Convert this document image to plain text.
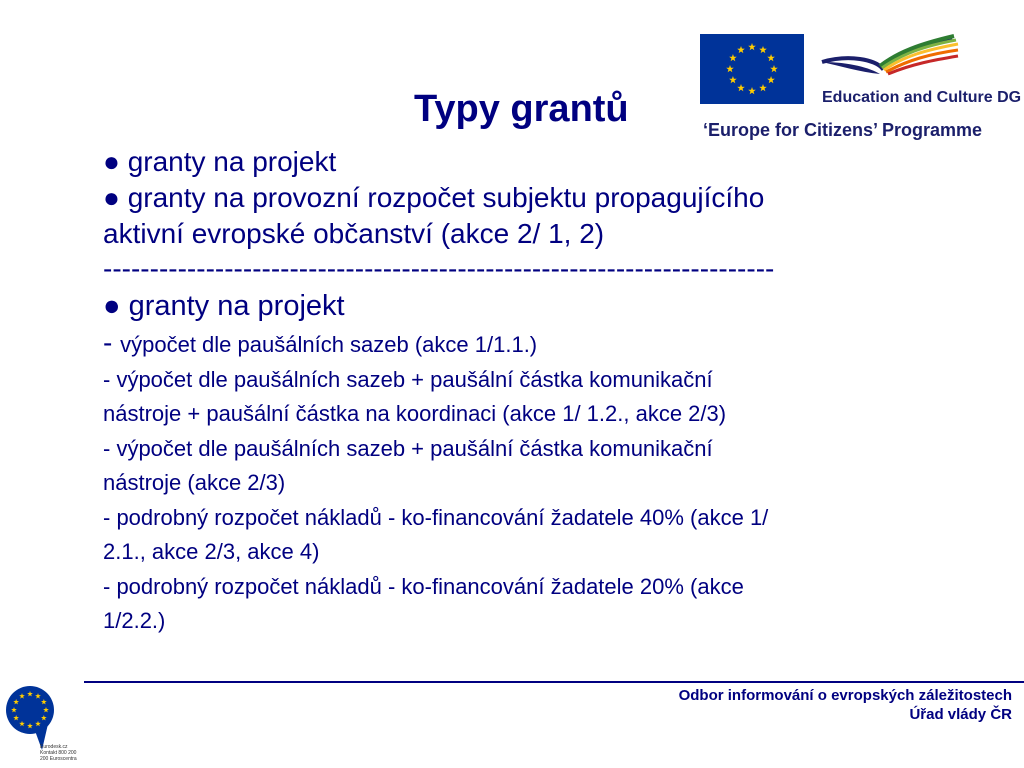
Typy grantů	Education and Culture DG
‘Europe for Citizens’ Programme
● granty na projekt
● granty na provozní rozpočet subjektu propagujícího
aktivní evropské občanství (akce 2/ 1, 2)
------------------------------------------------------------------------
● granty na projekt
- výpočet dle paušálních sazeb (akce 1/1.1.)
- výpočet dle paušálních sazeb + paušální částka komunikační
nástroje + paušální částka na koordinaci (akce 1/ 1.2., akce 2/3)
- výpočet dle paušálních sazeb + paušální částka komunikační
nástroje (akce 2/3)
- podrobný rozpočet nákladů - ko-financování žadatele 40% (akce 1/
2.1., akce 2/3, akce 4)
- podrobný rozpočet nákladů - ko-financování žadatele 20% (akce
1/2.2.)
Odbor informování o evropských záležitostech
Úřad vlády ČR
Eurodesk.cz Kontakt 800 200 200 Euroscentra
